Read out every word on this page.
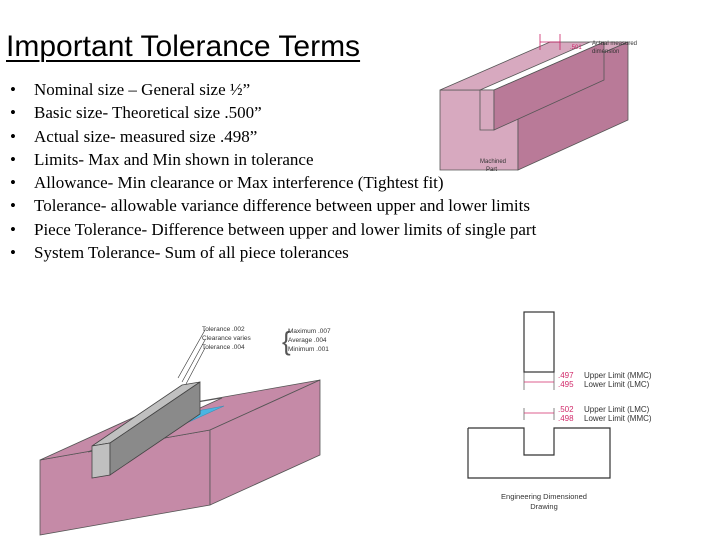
Important Tolerance Terms
• Nominal size – General size ½”
• Basic size- Theoretical size .500”
• Actual size- measured size .498”
• Limits- Max and Min shown in tolerance
• Allowance- Min clearance or Max interference (Tightest fit)
• Tolerance- allowable variance difference between upper and lower limits
• Piece Tolerance- Difference between upper and lower limits of single part
• System Tolerance- Sum of all piece tolerances
.501
Actual measured
dimension
Machined
Part
Tolerance .002
Clearance varies
Tolerance .004 {
Maximum .007
Average .004
Minimum .001
.497
.495
Upper Limit (MMC)
Lower Limit (LMC)
.502
.498
Upper Limit (LMC)
Lower Limit (MMC)
Engineering Dimensioned
Drawing
